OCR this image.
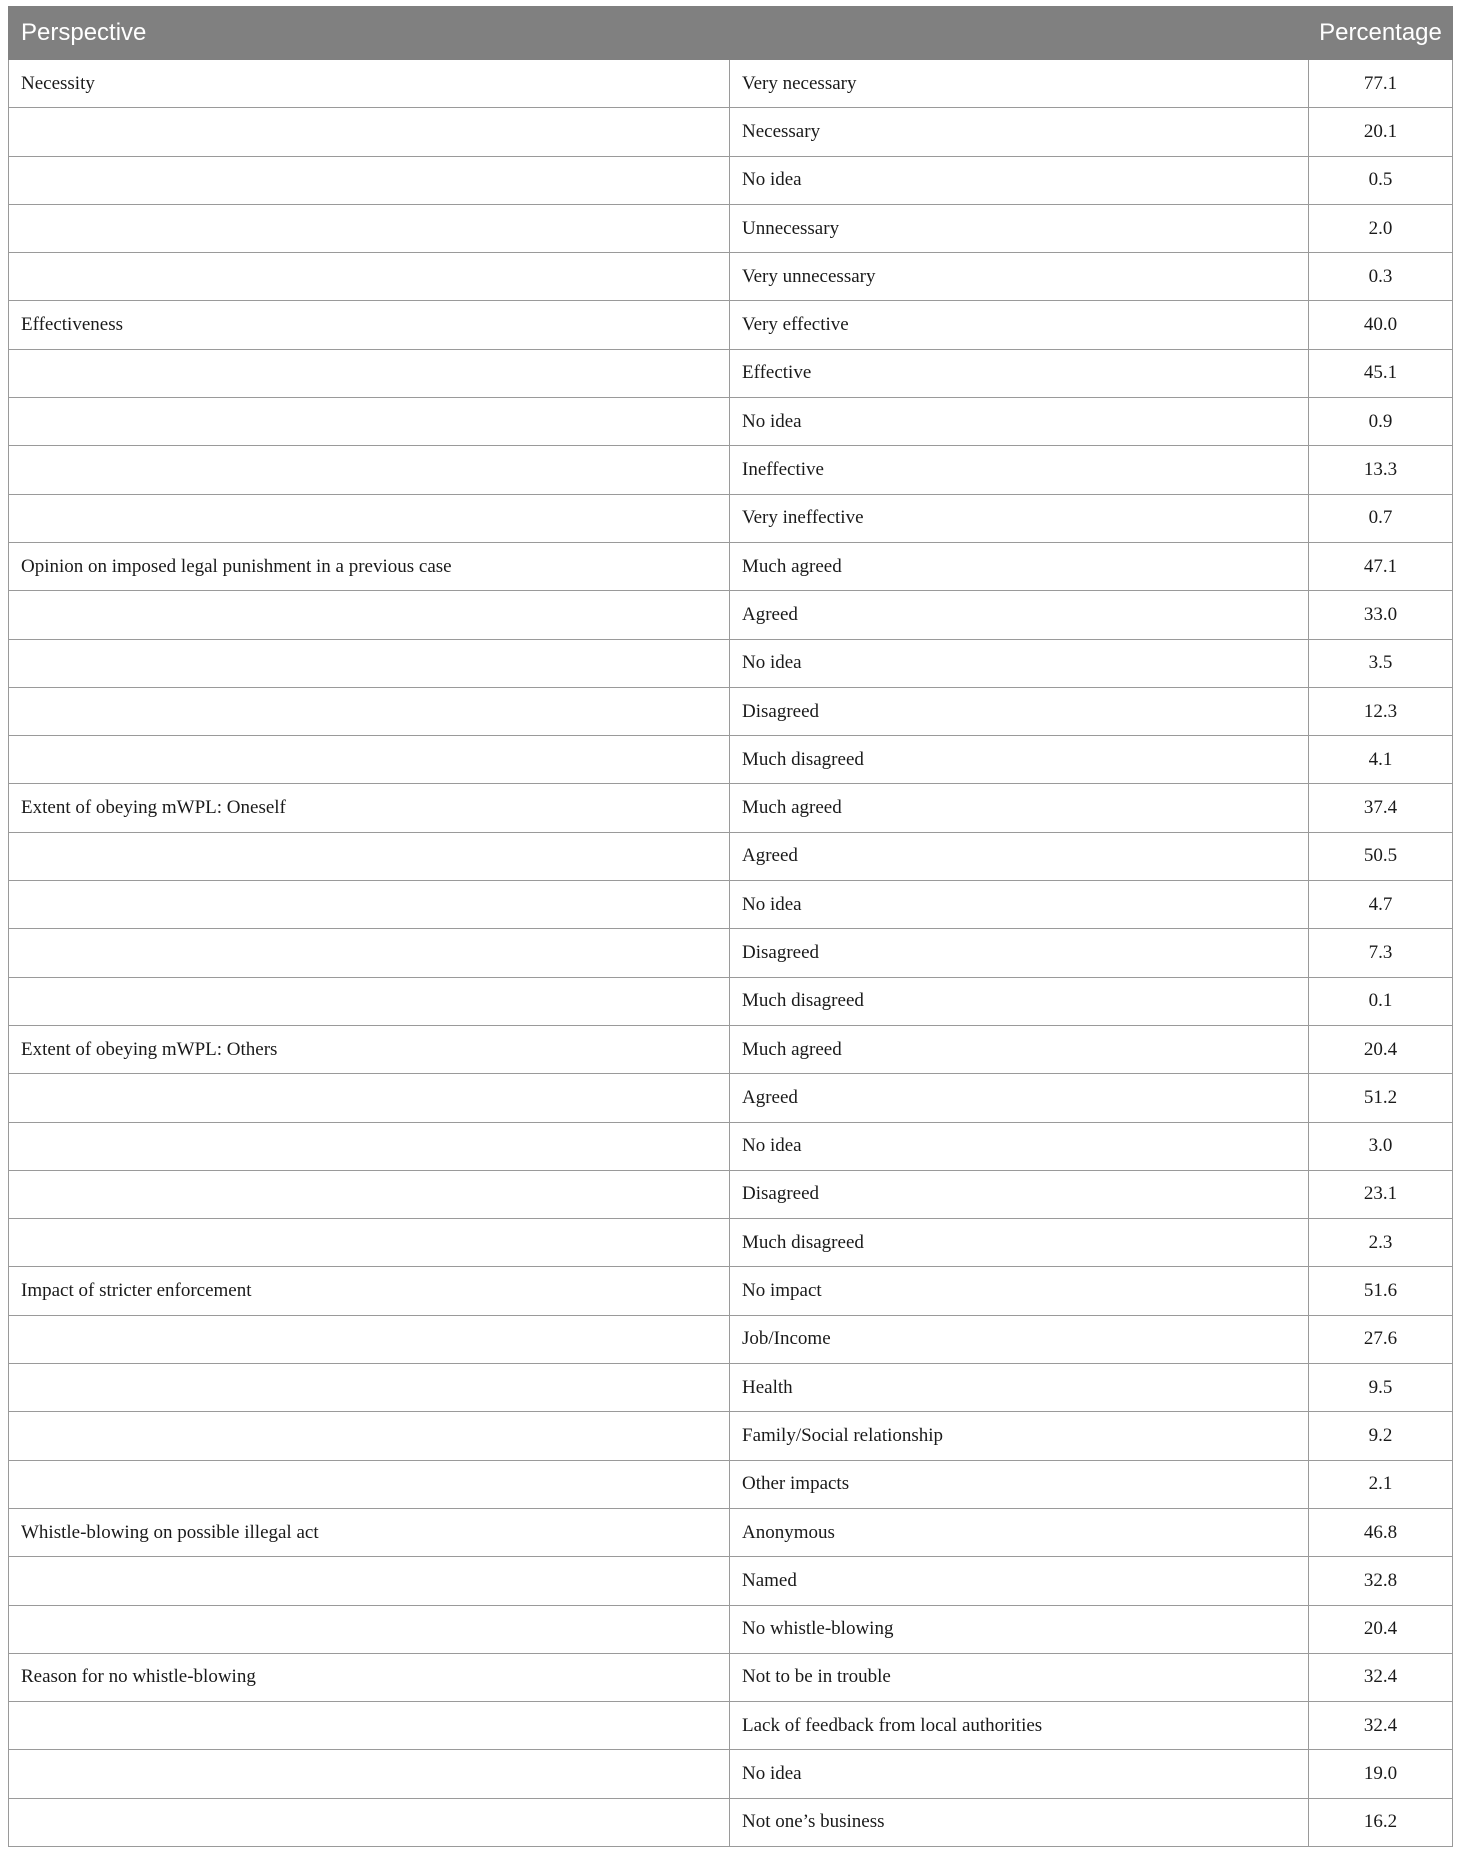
Perspective		Percentage
Necessity	Very necessary	77.1
	Necessary	20.1
	No idea	0.5
	Unnecessary	2.0
	Very unnecessary	0.3
Effectiveness	Very effective	40.0
	Effective	45.1
	No idea	0.9
	Ineffective	13.3
	Very ineffective	0.7
Opinion on imposed legal punishment in a previous case	Much agreed	47.1
	Agreed	33.0
	No idea	3.5
	Disagreed	12.3
	Much disagreed	4.1
Extent of obeying mWPL: Oneself	Much agreed	37.4
	Agreed	50.5
	No idea	4.7
	Disagreed	7.3
	Much disagreed	0.1
Extent of obeying mWPL: Others	Much agreed	20.4
	Agreed	51.2
	No idea	3.0
	Disagreed	23.1
	Much disagreed	2.3
Impact of stricter enforcement	No impact	51.6
	Job/Income	27.6
	Health	9.5
	Family/Social relationship	9.2
	Other impacts	2.1
Whistle-blowing on possible illegal act	Anonymous	46.8
	Named	32.8
	No whistle-blowing	20.4
Reason for no whistle-blowing	Not to be in trouble	32.4
	Lack of feedback from local authorities	32.4
	No idea	19.0
	Not one’s business	16.2
